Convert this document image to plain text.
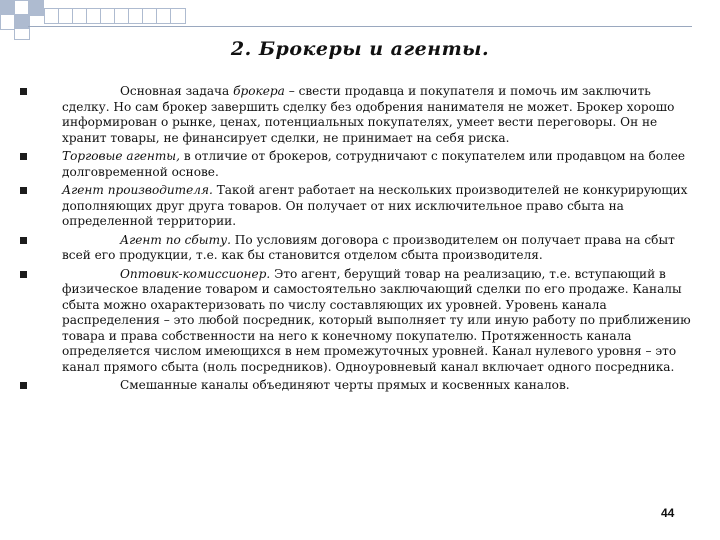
2. Брокеры и агенты.
Основная задача брокера – свести продавца и покупателя и помочь им заключить сделку. Но сам брокер завершить сделку без одобрения нанимателя не может. Брокер хорошо информирован о рынке, ценах, потенциальных покупателях, умеет вести переговоры. Он не хранит товары, не финансирует сделки, не принимает на себя риска.
Торговые агенты, в отличие от брокеров, сотрудничают с покупателем или продавцом на более долговременной основе.
Агент производителя. Такой агент работает на нескольких производителей не конкурирующих дополняющих друг друга товаров. Он получает от них исключительное право сбыта на определенной территории.
Агент по сбыту. По условиям договора с производителем он получает права на сбыт всей его продукции, т.е. как бы становится отделом сбыта производителя.
Оптовик-комиссионер. Это агент, берущий товар на реализацию, т.е. вступающий в физическое владение товаром и самостоятельно заключающий сделки по его продаже. Каналы сбыта можно охарактеризовать по числу составляющих их уровней. Уровень канала распределения – это любой посредник, который выполняет ту или иную работу по приближению товара и права собственности на него к конечному покупателю. Протяженность канала определяется числом имеющихся в нем промежуточных уровней. Канал нулевого уровня – это канал прямого сбыта (ноль посредников). Одноуровневый канал включает одного посредника.
Смешанные каналы объединяют черты прямых и косвенных каналов.
44
